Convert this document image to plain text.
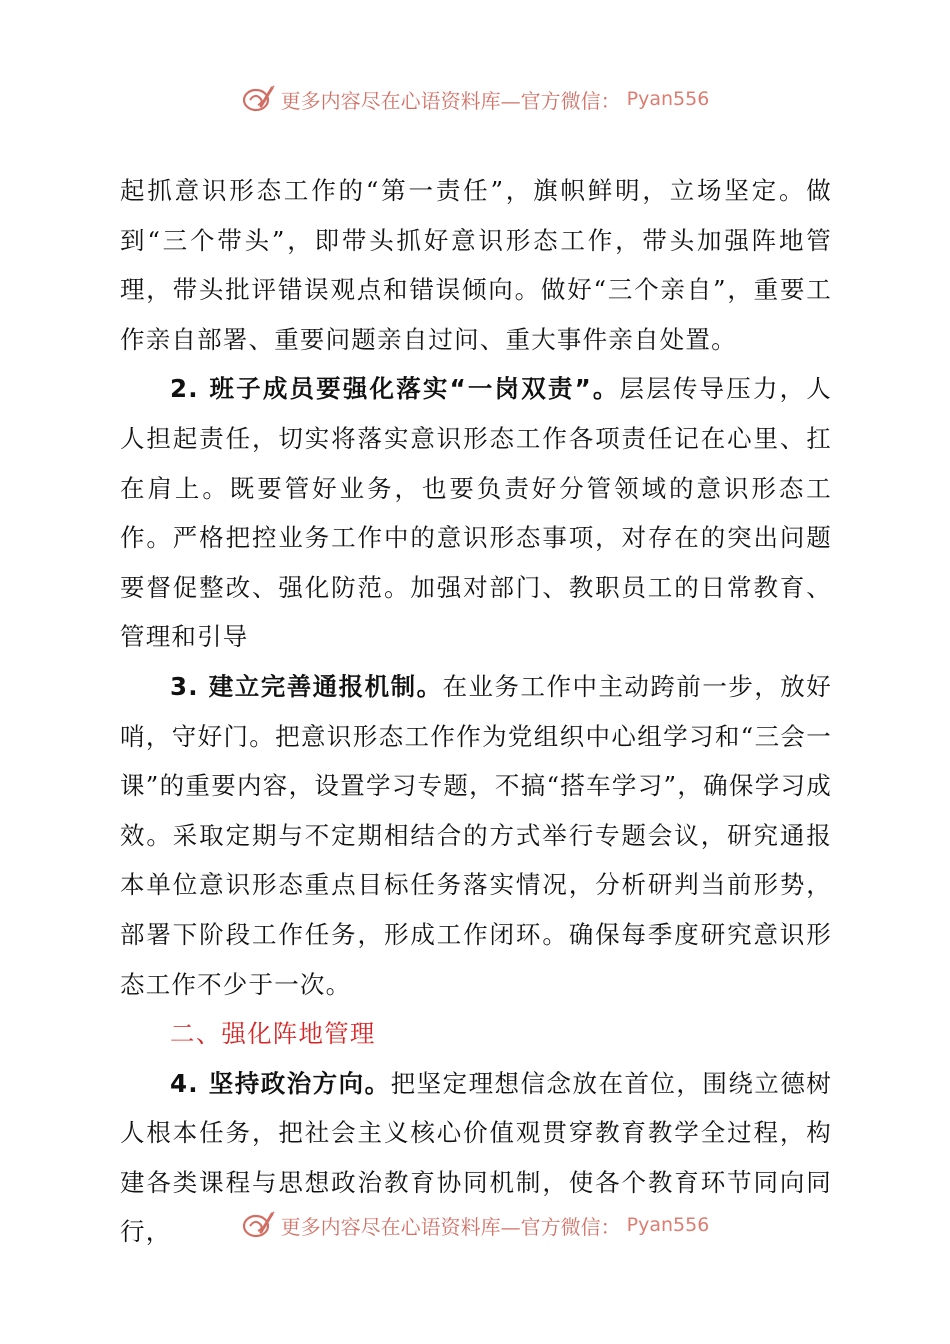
更多内容尽在心语资料库—官方微信： Pyan556

起抓意识形态工作的“第一责任”，旗帜鲜明，立场坚定。做到“三个带头”，即带头抓好意识形态工作，带头加强阵地管理，带头批评错误观点和错误倾向。做好“三个亲自”，重要工作亲自部署、重要问题亲自过问、重大事件亲自处置。

2. 班子成员要强化落实“一岗双责”。层层传导压力，人人担起责任，切实将落实意识形态工作各项责任记在心里、扛在肩上。既要管好业务，也要负责好分管领域的意识形态工作。严格把控业务工作中的意识形态事项，对存在的突出问题要督促整改、强化防范。加强对部门、教职员工的日常教育、管理和引导

3. 建立完善通报机制。在业务工作中主动跨前一步，放好哨，守好门。把意识形态工作作为党组织中心组学习和“三会一课”的重要内容，设置学习专题，不搞“搭车学习”，确保学习成效。采取定期与不定期相结合的方式举行专题会议，研究通报本单位意识形态重点目标任务落实情况，分析研判当前形势，部署下阶段工作任务，形成工作闭环。确保每季度研究意识形态工作不少于一次。

二、强化阵地管理

4. 坚持政治方向。把坚定理想信念放在首位，围绕立德树人根本任务，把社会主义核心价值观贯穿教育教学全过程，构建各类课程与思想政治教育协同机制，使各个教育环节同向同行，	更多内容尽在心语资料库—官方微信： Pyan556
